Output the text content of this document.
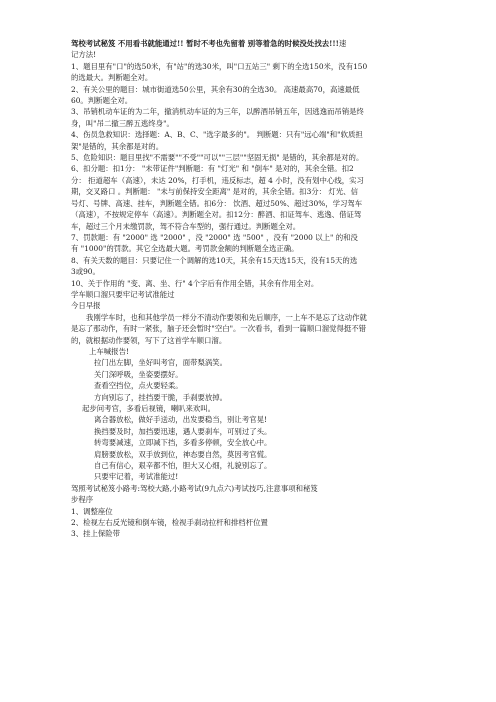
驾校考试秘笈 不用看书就能通过!! 暂时不考也先留着 别等着急的时候没处找去!!!速
记方法!
1、题目里有"口"的选50米，有"站"的选30米，叫"口五站三" 剩下的全选150米，没有150
的选最大。判断题全对。
2、有关公里的题目：城市街道选50公里，其余有30的全选30。 高速最高70，高速最低
60。判断题全对。
3、吊销机动车证的为二年，撤消机动车证的为三年，以醉酒吊销五年，因逃逸而吊销是终
身，叫"吊二撤三醉五逃终身"。
4、伤员急救知识：选择题：A、B、C、"选字最多的"。 判断题：只有"远心端"和"软质担
架"是错的，其余都是对的。
5、危险知识：题目里找"不需要""不受""可以""三层""坚固无损" 是错的，其余都是对的。
6、扣分题：扣1分： "未带证件"判断题：有 "灯光" 和 "倒车" 是对的，其余全错。扣2
分： 拒道超车（高速），未达 20%，打手机，违反标志，超 4 小时，没有划中心线，实习
期，交叉路口 。判断题： "未与前保持安全距离" 是对的，其余全错。扣3分： 灯光、信
号灯、号牌、高速、挂车，判断题全错。扣6分： 饮酒、超过50%、超过30%，学习驾车
（高速），不按规定停车（高速）。判断题全对。扣12分：醉酒、扣证驾车、逃逸、借证驾
车，超过三个月未缴罚款，驾不符合车型的，强行通过。判断题全对。
7、罚款题：有 "2000" 选 "2000" ，没 "2000" 选 "500" ，没有 "2000 以上" 的和没
有 "1000"的罚款。其它全选最大题。考罚款金额的判断题全选正确。
8、有关天数的题目：只要记住一个调解的选10天，其余有15天选15天，没有15天的选
3或90。
10、关于作用的 "变、离、坐、行" 4个字后有作用全错，其余有作用全对。
学车顺口溜只要牢记考试准能过
今日早报
我刚学车时，也和其他学员一样分不清动作要领和先后顺序，一上车不是忘了这动作就
是忘了那动作，有时一紧张，脑子还会暂时"空白"。一次看书，看到一篇顺口溜觉得挺不错
的，就根据动作要领，写下了这首学车顺口溜。
上车喊报告!
拉门出左脚，坐好叫考官，面带梨涡笑。
关门深呼吸，坐姿要摆好。
查看空挡位，点火要轻柔。
方向别忘了，挂挡要干脆，手刹要放掉。
起步问考官，多看后视镜，喇叭来欢叫。
离合器放松，做好手送动，出发要稳当，别让考官晃!
换挡要及时，加挡要迅速，遇人要刹车，可别过了头。
转弯要减速，立即减下挡，多看多停顿，安全放心中。
肩膀要放松，双手放到位，神态要自然，莫因考官慌。
自己有信心，艰辛都不怕，胆大又心细，礼貌别忘了。
只要牢记着，考试准能过!
驾照考试秘笈小路考:驾校大路,小路考试(9九点六)考试技巧,注意事项和秘笈
步程序
1、调整座位
2、检视左右反光镜和倒车镜，检视手刹动拉杆和排档杆位置
3、挂上保险带
